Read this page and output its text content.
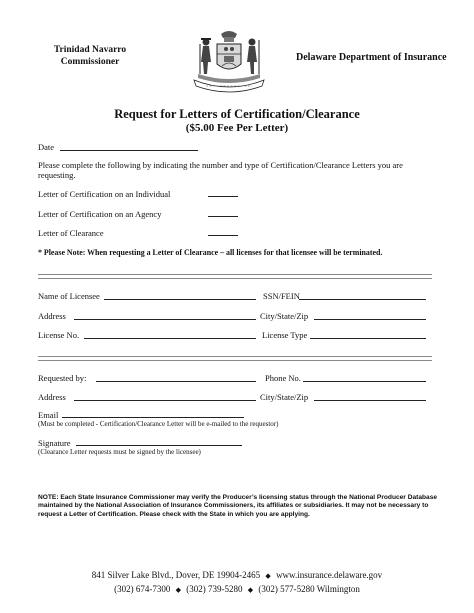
Trinidad Navarro
Commissioner	Delaware Department of Insurance
Request for Letters of Certification/Clearance
($5.00 Fee Per Letter)
Date
Please complete the following by indicating the number and type of Certification/Clearance Letters you are requesting.
Letter of Certification on an Individual
Letter of Certification on an Agency
Letter of Clearance
* Please Note: When requesting a Letter of Clearance – all licenses for that licensee will be terminated.
Name of Licensee	SSN/FEIN
Address	City/State/Zip
License No.	License Type
Requested by:	Phone No.
Address	City/State/Zip
Email
(Must be completed - Certification/Clearance Letter will be e-mailed to the requestor)
Signature
(Clearance Letter requests must be signed by the licensee)
NOTE: Each State Insurance Commissioner may verify the Producer’s licensing status through the National Producer Database maintained by the National Association of Insurance Commissioners, its affiliates or subsidiaries. It may not be necessary to request a Letter of Certification. Please check with the State in which you are applying.
841 Silver Lake Blvd., Dover, DE 19904-2465 ◆ www.insurance.delaware.gov
(302) 674-7300 ◆ (302) 739-5280 ◆ (302) 577-5280 Wilmington
